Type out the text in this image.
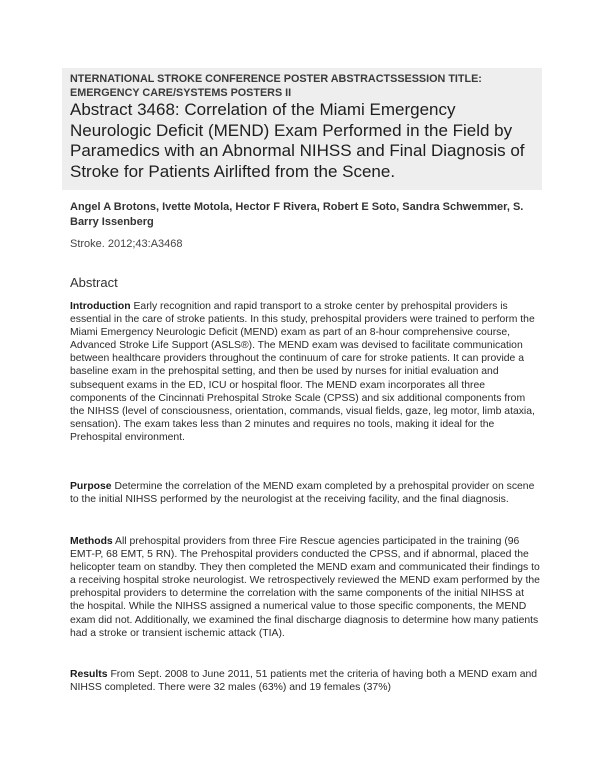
NTERNATIONAL STROKE CONFERENCE POSTER ABSTRACTSSESSION TITLE: EMERGENCY CARE/SYSTEMS POSTERS II
Abstract 3468: Correlation of the Miami Emergency Neurologic Deficit (MEND) Exam Performed in the Field by Paramedics with an Abnormal NIHSS and Final Diagnosis of Stroke for Patients Airlifted from the Scene.
Angel A Brotons, Ivette Motola, Hector F Rivera, Robert E Soto, Sandra Schwemmer, S. Barry Issenberg
Stroke. 2012;43:A3468
Abstract

Introduction Early recognition and rapid transport to a stroke center by prehospital providers is essential in the care of stroke patients. In this study, prehospital providers were trained to perform the Miami Emergency Neurologic Deficit (MEND) exam as part of an 8-hour comprehensive course, Advanced Stroke Life Support (ASLS®). The MEND exam was devised to facilitate communication between healthcare providers throughout the continuum of care for stroke patients. It can provide a baseline exam in the prehospital setting, and then be used by nurses for initial evaluation and subsequent exams in the ED, ICU or hospital floor. The MEND exam incorporates all three components of the Cincinnati Prehospital Stroke Scale (CPSS) and six additional components from the NIHSS (level of consciousness, orientation, commands, visual fields, gaze, leg motor, limb ataxia, sensation). The exam takes less than 2 minutes and requires no tools, making it ideal for the Prehospital environment.

Purpose Determine the correlation of the MEND exam completed by a prehospital provider on scene to the initial NIHSS performed by the neurologist at the receiving facility, and the final diagnosis.

Methods All prehospital providers from three Fire Rescue agencies participated in the training (96 EMT-P, 68 EMT, 5 RN). The Prehospital providers conducted the CPSS, and if abnormal, placed the helicopter team on standby. They then completed the MEND exam and communicated their findings to a receiving hospital stroke neurologist. We retrospectively reviewed the MEND exam performed by the prehospital providers to determine the correlation with the same components of the initial NIHSS at the hospital. While the NIHSS assigned a numerical value to those specific components, the MEND exam did not. Additionally, we examined the final discharge diagnosis to determine how many patients had a stroke or transient ischemic attack (TIA).

Results From Sept. 2008 to June 2011, 51 patients met the criteria of having both a MEND exam and NIHSS completed. There were 32 males (63%) and 19 females (37%)
